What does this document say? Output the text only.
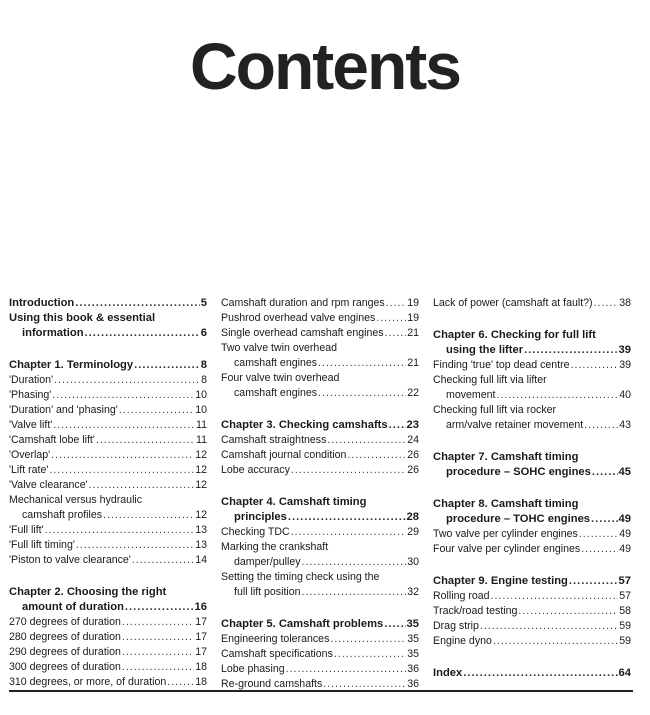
Contents
Introduction .....	5
Using this book & essential
information .....	6
Chapter 1. Terminology .....	8
'Duration' .....	8
'Phasing' .....	10
'Duration' and 'phasing' .....	10
'Valve lift' .....	11
'Camshaft lobe lift' .....	11
'Overlap' .....	12
'Lift rate' .....	12
'Valve clearance' .....	12
Mechanical versus hydraulic
camshaft profiles .....	12
'Full lift' .....	13
'Full lift timing' .....	13
'Piston to valve clearance' .....	14
Chapter 2. Choosing the right
amount of duration .....	16
270 degrees of duration .....	17
280 degrees of duration .....	17
290 degrees of duration .....	17
300 degrees of duration .....	18
310 degrees, or more, of duration .....	18
Camshaft duration and rpm ranges ..... 19
Pushrod overhead valve engines .....	19
Single overhead camshaft engines ..... 21
Two valve twin overhead
camshaft engines .....	21
Four valve twin overhead
camshaft engines .....	22
Chapter 3. Checking camshafts ..... 23
Camshaft straightness .....	24
Camshaft journal condition .....	26
Lobe accuracy .....	26
Chapter 4. Camshaft timing
principles .....	28
Checking TDC .....	29
Marking the crankshaft
damper/pulley .....	30
Setting the timing check using the
full lift position .....	32
Chapter 5. Camshaft problems ..... 35
Engineering tolerances .....	35
Camshaft specifications .....	35
Lobe phasing .....	36
Re-ground camshafts .....	36
Lack of power (camshaft at fault?) .....	38
Chapter 6. Checking for full lift
using the lifter .....	39
Finding 'true' top dead centre .....	39
Checking full lift via lifter
movement .....	40
Checking full lift via rocker
arm/valve retainer movement .....	43
Chapter 7. Camshaft timing
procedure – SOHC engines ..... 45
Chapter 8. Camshaft timing
procedure – TOHC engines .....	49
Two valve per cylinder engines .....	49
Four valve per cylinder engines .....	49
Chapter 9. Engine testing .....	57
Rolling road .....	57
Track/road testing .....	58
Drag strip .....	59
Engine dyno .....	59
Index .....	64
